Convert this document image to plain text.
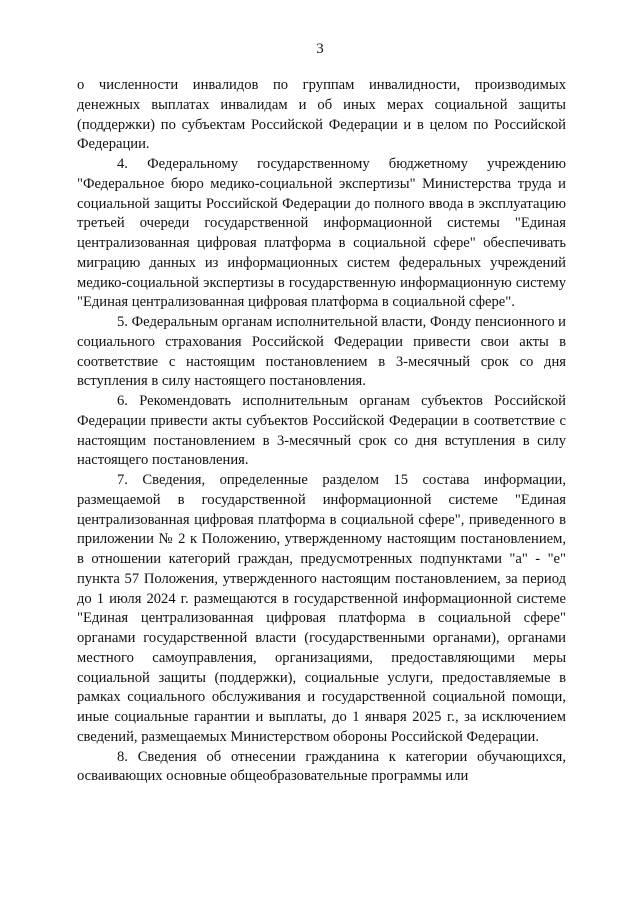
3

о численности инвалидов по группам инвалидности, производимых денежных выплатах инвалидам и об иных мерах социальной защиты (поддержки) по субъектам Российской Федерации и в целом по Российской Федерации.

4. Федеральному государственному бюджетному учреждению "Федеральное бюро медико-социальной экспертизы" Министерства труда и социальной защиты Российской Федерации до полного ввода в эксплуатацию третьей очереди государственной информационной системы "Единая централизованная цифровая платформа в социальной сфере" обеспечивать миграцию данных из информационных систем федеральных учреждений медико-социальной экспертизы в государственную информационную систему "Единая централизованная цифровая платформа в социальной сфере".

5. Федеральным органам исполнительной власти, Фонду пенсионного и социального страхования Российской Федерации привести свои акты в соответствие с настоящим постановлением в 3-месячный срок со дня вступления в силу настоящего постановления.

6. Рекомендовать исполнительным органам субъектов Российской Федерации привести акты субъектов Российской Федерации в соответствие с настоящим постановлением в 3-месячный срок со дня вступления в силу настоящего постановления.

7. Сведения, определенные разделом 15 состава информации, размещаемой в государственной информационной системе "Единая централизованная цифровая платформа в социальной сфере", приведенного в приложении № 2 к Положению, утвержденному настоящим постановлением, в отношении категорий граждан, предусмотренных подпунктами "а" - "е" пункта 57 Положения, утвержденного настоящим постановлением, за период до 1 июля 2024 г. размещаются в государственной информационной системе "Единая централизованная цифровая платформа в социальной сфере" органами государственной власти (государственными органами), органами местного самоуправления, организациями, предоставляющими меры социальной защиты (поддержки), социальные услуги, предоставляемые в рамках социального обслуживания и государственной социальной помощи, иные социальные гарантии и выплаты, до 1 января 2025 г., за исключением сведений, размещаемых Министерством обороны Российской Федерации.

8. Сведения об отнесении гражданина к категории обучающихся, осваивающих основные общеобразовательные программы или
